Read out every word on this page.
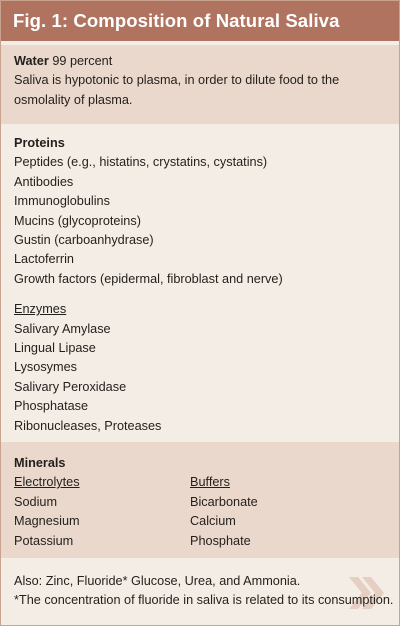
Fig. 1: Composition of Natural Saliva
Water 99 percent
Saliva is hypotonic to plasma, in order to dilute food to the osmolality of plasma.
Proteins
Peptides (e.g., histatins, crystatins, cystatins)
Antibodies
Immunoglobulins
Mucins (glycoproteins)
Gustin (carboanhydrase)
Lactoferrin
Growth factors (epidermal, fibroblast and nerve)
Enzymes
Salivary Amylase
Lingual Lipase
Lysosymes
Salivary Peroxidase
Phosphatase
Ribonucleases, Proteases
Minerals
Electrolytes
Sodium
Magnesium
Potassium
Buffers
Bicarbonate
Calcium
Phosphate
Also: Zinc, Fluoride* Glucose, Urea, and Ammonia.
*The concentration of fluoride in saliva is related to its consumption.
